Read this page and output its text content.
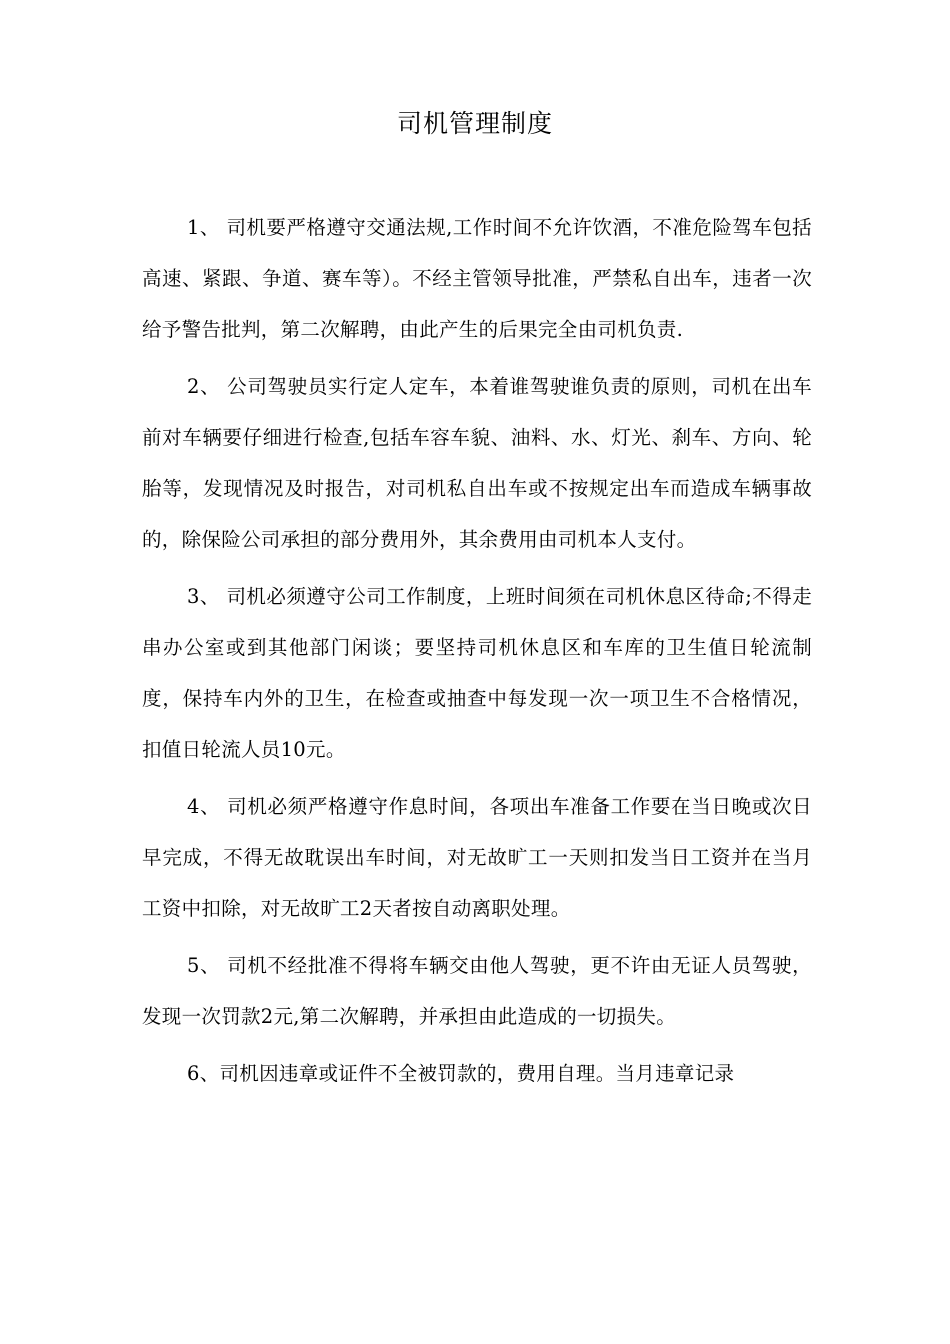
司机管理制度

1、 司机要严格遵守交通法规,工作时间不允许饮酒，不准危险驾车包括高速、紧跟、争道、赛车等）。不经主管领导批准，严禁私自出车，违者一次给予警告批判，第二次解聘，由此产生的后果完全由司机负责.

2、 公司驾驶员实行定人定车，本着谁驾驶谁负责的原则，司机在出车前对车辆要仔细进行检查,包括车容车貌、油料、水、灯光、刹车、方向、轮胎等，发现情况及时报告，对司机私自出车或不按规定出车而造成车辆事故的，除保险公司承担的部分费用外，其余费用由司机本人支付。

3、 司机必须遵守公司工作制度，上班时间须在司机休息区待命;不得走串办公室或到其他部门闲谈；要坚持司机休息区和车库的卫生值日轮流制度，保持车内外的卫生，在检查或抽查中每发现一次一项卫生不合格情况，扣值日轮流人员10元。

4、 司机必须严格遵守作息时间，各项出车准备工作要在当日晚或次日早完成，不得无故耽误出车时间，对无故旷工一天则扣发当日工资并在当月工资中扣除，对无故旷工2天者按自动离职处理。

5、 司机不经批准不得将车辆交由他人驾驶，更不许由无证人员驾驶，发现一次罚款2元,第二次解聘，并承担由此造成的一切损失。

6、司机因违章或证件不全被罚款的，费用自理。当月违章记录
